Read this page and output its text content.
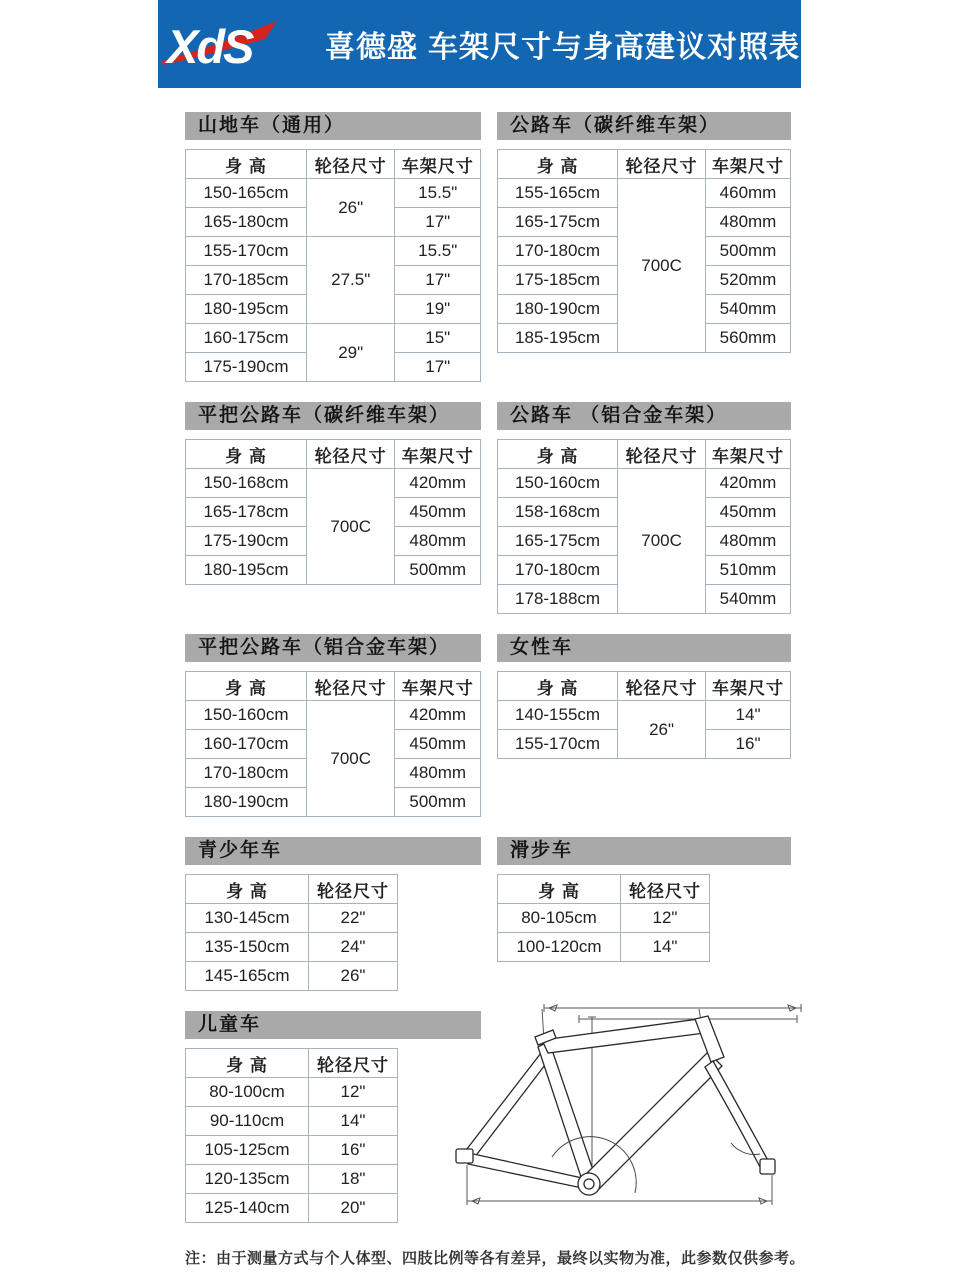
XdS 喜德盛 车架尺寸与身高建议对照表
山地车（通用）
身 高	轮径尺寸	车架尺寸
150-165cm	26"	15.5"
165-180cm		17"
155-170cm	27.5"	15.5"
170-185cm		17"
180-195cm		19"
160-175cm	29"	15"
175-190cm		17"
公路车（碳纤维车架）
身 高	轮径尺寸	车架尺寸
155-165cm	700C	460mm
165-175cm		480mm
170-180cm		500mm
175-185cm		520mm
180-190cm		540mm
185-195cm		560mm
平把公路车（碳纤维车架）
身 高	轮径尺寸	车架尺寸
150-168cm	700C	420mm
165-178cm		450mm
175-190cm		480mm
180-195cm		500mm
公路车 （铝合金车架）
身 高	轮径尺寸	车架尺寸
150-160cm	700C	420mm
158-168cm		450mm
165-175cm		480mm
170-180cm		510mm
178-188cm		540mm
平把公路车（铝合金车架）
身 高	轮径尺寸	车架尺寸
150-160cm	700C	420mm
160-170cm		450mm
170-180cm		480mm
180-190cm		500mm
女性车
身 高	轮径尺寸	车架尺寸
140-155cm	26"	14"
155-170cm		16"
青少年车
身 高	轮径尺寸
130-145cm	22"
135-150cm	24"
145-165cm	26"
滑步车
身 高	轮径尺寸
80-105cm	12"
100-120cm	14"
儿童车
身 高	轮径尺寸
80-100cm	12"
90-110cm	14"
105-125cm	16"
120-135cm	18"
125-140cm	20"

注：由于测量方式与个人体型、四肢比例等各有差异，最终以实物为准，此参数仅供参考。
